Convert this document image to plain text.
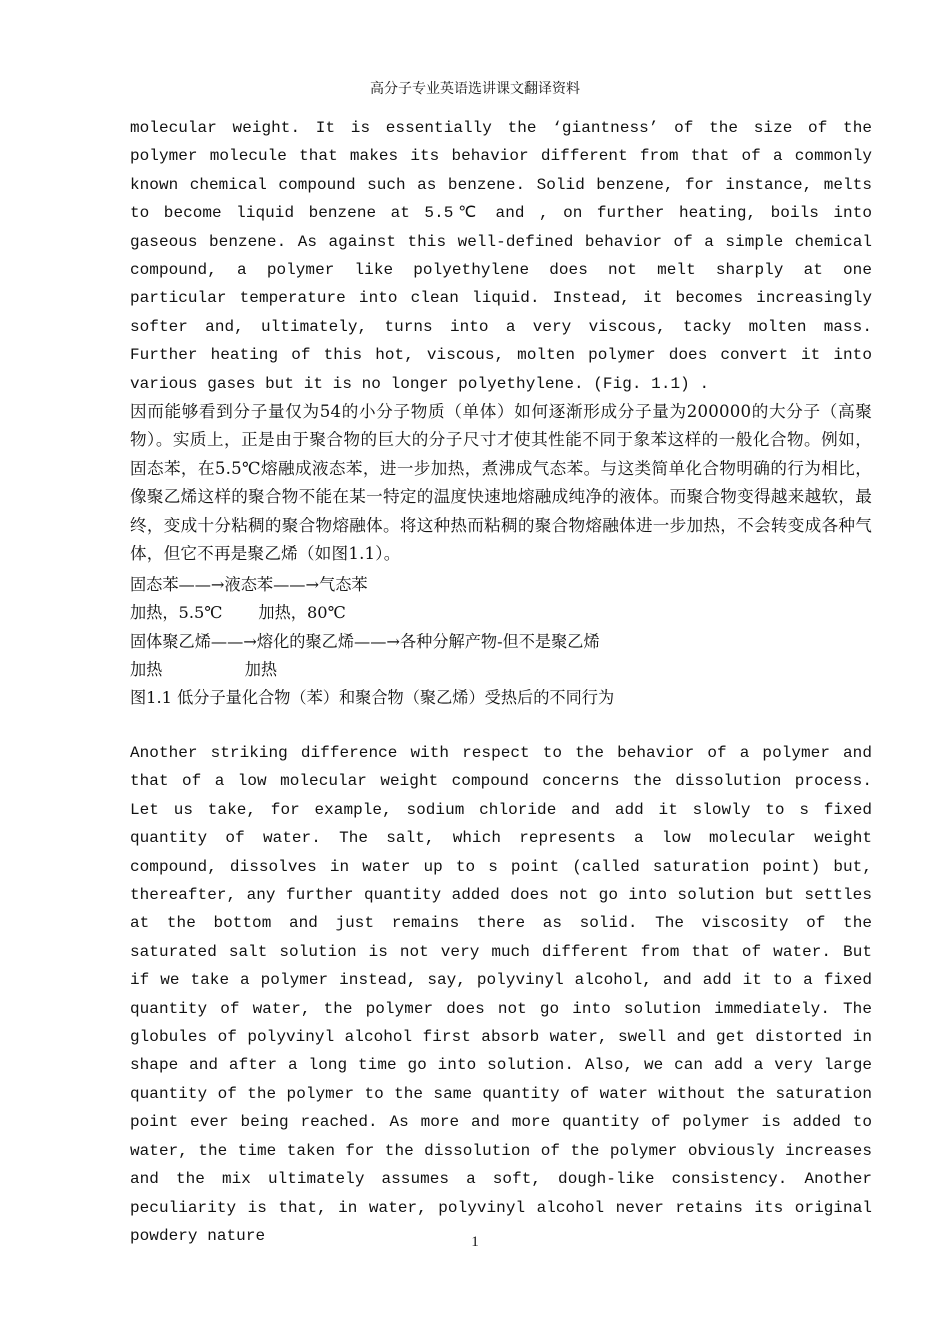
高分子专业英语选讲课文翻译资料
molecular weight. It is essentially the ‘giantness’ of the size of the polymer molecule that makes its behavior different from that of a commonly known chemical compound such as benzene. Solid benzene, for instance, melts to become liquid benzene at 5.5℃ and , on further heating, boils into gaseous benzene. As against this well-defined behavior of a simple chemical compound, a polymer like polyethylene does not melt sharply at one particular temperature into clean liquid. Instead, it becomes increasingly softer and, ultimately, turns into a very viscous, tacky molten mass. Further heating of this hot, viscous, molten polymer does convert it into various gases but it is no longer polyethylene. (Fig. 1.1) .
因而能够看到分子量仅为54的小分子物质（单体）如何逐渐形成分子量为200000的大分子（高聚物）。实质上，正是由于聚合物的巨大的分子尺寸才使其性能不同于象苯这样的一般化合物。例如，固态苯，在5.5℃熔融成液态苯，进一步加热，煮沸成气态苯。与这类简单化合物明确的行为相比，像聚乙烯这样的聚合物不能在某一特定的温度快速地熔融成纯净的液体。而聚合物变得越来越软，最终，变成十分粘稠的聚合物熔融体。将这种热而粘稠的聚合物熔融体进一步加热，不会转变成各种气体，但它不再是聚乙烯（如图1.1）。
固态苯——→液态苯——→气态苯
加热，5.5℃       加热，80℃
固体聚乙烯——→熔化的聚乙烯——→各种分解产物-但不是聚乙烯
加热                加热
图1.1 低分子量化合物（苯）和聚合物（聚乙烯）受热后的不同行为
Another striking difference with respect to the behavior of a polymer and that of a low molecular weight compound concerns the dissolution process. Let us take, for example, sodium chloride and add it slowly to s fixed quantity of water. The salt, which represents a low molecular weight compound, dissolves in water up to s point (called saturation point) but, thereafter, any further quantity added does not go into solution but settles at the bottom and just remains there as solid. The viscosity of the saturated salt solution is not very much different from that of water. But if we take a polymer instead, say, polyvinyl alcohol, and add it to a fixed quantity of water, the polymer does not go into solution immediately. The globules of polyvinyl alcohol first absorb water, swell and get distorted in shape and after a long time go into solution. Also, we can add a very large quantity of the polymer to the same quantity of water without the saturation point ever being reached. As more and more quantity of polymer is added to water, the time taken for the dissolution of the polymer obviously increases and the mix ultimately assumes a soft, dough-like consistency. Another peculiarity is that, in water, polyvinyl alcohol never retains its original powdery nature	1
